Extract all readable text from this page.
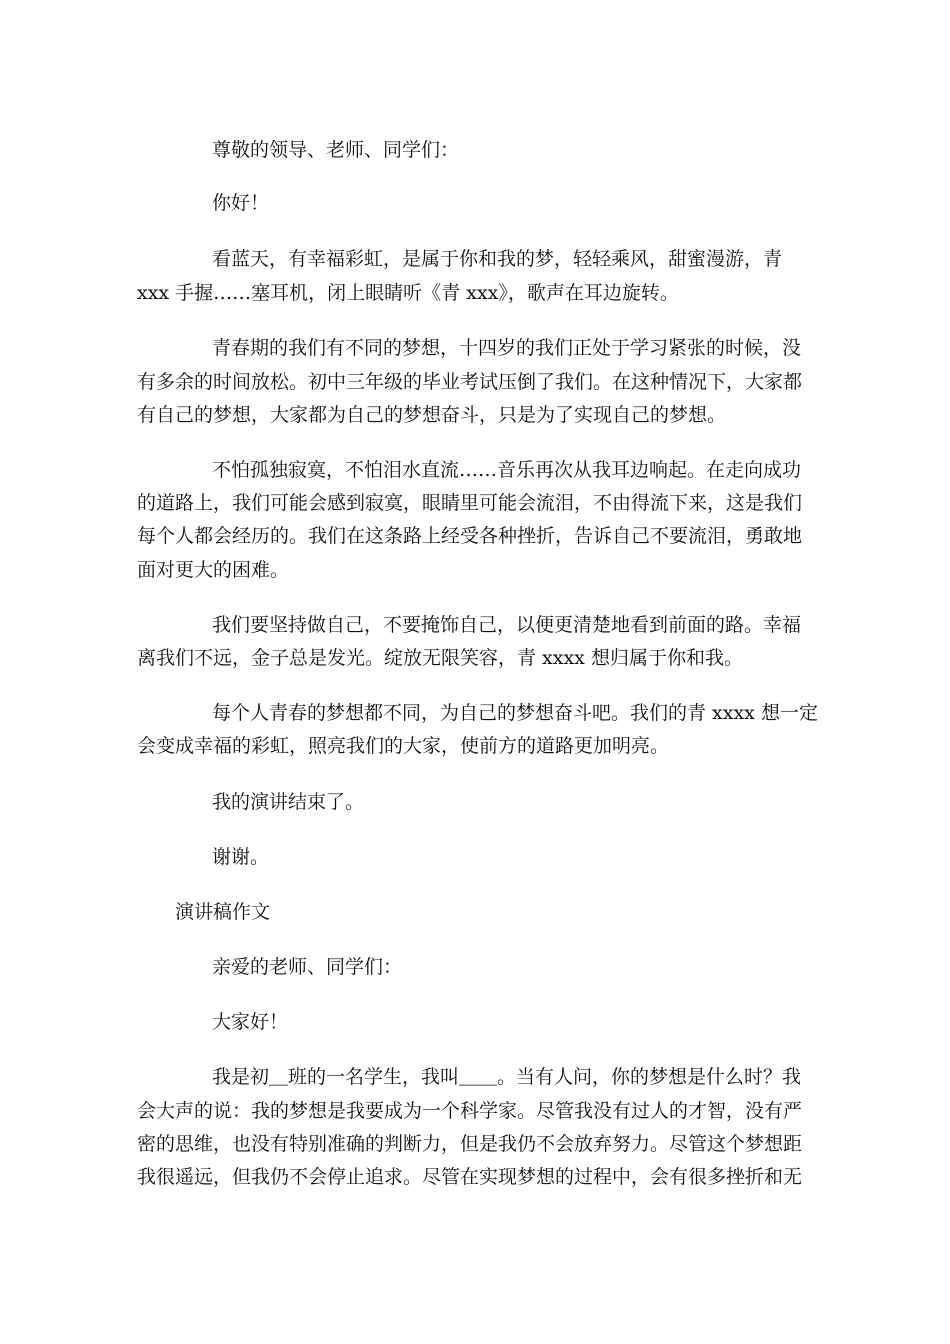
尊敬的领导、老师、同学们：
你好！
看蓝天，有幸福彩虹，是属于你和我的梦，轻轻乘风，甜蜜漫游，青
xxx 手握……塞耳机，闭上眼睛听《青 xxx》，歌声在耳边旋转。
青春期的我们有不同的梦想，十四岁的我们正处于学习紧张的时候，没
有多余的时间放松。初中三年级的毕业考试压倒了我们。在这种情况下，大家都
有自己的梦想，大家都为自己的梦想奋斗，只是为了实现自己的梦想。
不怕孤独寂寞，不怕泪水直流……音乐再次从我耳边响起。在走向成功
的道路上，我们可能会感到寂寞，眼睛里可能会流泪，不由得流下来，这是我们
每个人都会经历的。我们在这条路上经受各种挫折，告诉自己不要流泪，勇敢地
面对更大的困难。
我们要坚持做自己，不要掩饰自己，以便更清楚地看到前面的路。幸福
离我们不远，金子总是发光。绽放无限笑容，青 xxxx 想归属于你和我。
每个人青春的梦想都不同，为自己的梦想奋斗吧。我们的青 xxxx 想一定
会变成幸福的彩虹，照亮我们的大家，使前方的道路更加明亮。
我的演讲结束了。
谢谢。
演讲稿作文
亲爱的老师、同学们：
大家好！
我是初＿班的一名学生，我叫＿＿。当有人问，你的梦想是什么时？我
会大声的说：我的梦想是我要成为一个科学家。尽管我没有过人的才智，没有严
密的思维，也没有特别准确的判断力，但是我仍不会放弃努力。尽管这个梦想距
我很遥远，但我仍不会停止追求。尽管在实现梦想的过程中，会有很多挫折和无
